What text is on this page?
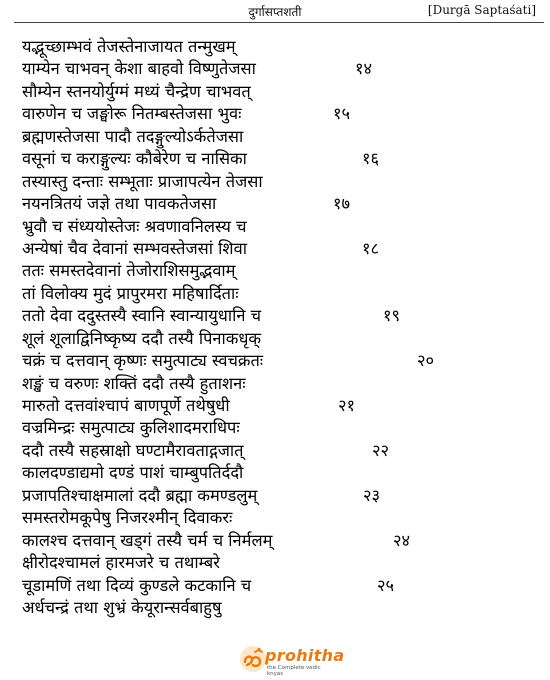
दुर्गासप्तशती	[Durgā Saptaśati]
यद्भूच्छाम्भवं तेजस्तेनाजायत तन्मुखम्
याम्येन चाभवन् केशा बाहवो विष्णुतेजसा	१४
सौम्येन स्तनयोर्युग्मं मध्यं चैन्द्रेण चाभवत्
वारुणेन च जङ्घोरू नितम्बस्तेजसा भुवः	१५
ब्रह्मणस्तेजसा पादौ तदङ्गुल्योऽर्कतेजसा
वसूनां च कराङ्गुल्यः कौबेरेण च नासिका	१६
तस्यास्तु दन्ताः सम्भूताः प्राजापत्येन तेजसा
नयनत्रितयं जज्ञे तथा पावकतेजसा	१७
भ्रुवौ च संध्ययोस्तेजः श्रवणावनिलस्य च
अन्येषां चैव देवानां सम्भवस्तेजसां शिवा	१८
ततः समस्तदेवानां तेजोराशिसमुद्भवाम्
तां विलोक्य मुदं प्रापुरमरा महिषार्दिताः
ततो देवा ददुस्तस्यै स्वानि स्वान्यायुधानि च	१९
शूलं शूलाद्विनिष्कृष्य ददौ तस्यै पिनाकधृक्
चक्रं च दत्तवान् कृष्णः समुत्पाट्य स्वचक्रतः	२०
शङ्खं च वरुणः शक्तिं ददौ तस्यै हुताशनः
मारुतो दत्तवांश्चापं बाणपूर्णे तथेषुधी	२१
वज्रमिन्द्रः समुत्पाट्य कुलिशादमराधिपः
ददौ तस्यै सहस्राक्षो घण्टामैरावताद्गजात्	२२
कालदण्डाद्यमो दण्डं पाशं चाम्बुपतिर्ददौ
प्रजापतिश्चाक्षमालां ददौ ब्रह्मा कमण्डलुम्	२३
समस्तरोमकूपेषु निजरश्मीन् दिवाकरः
कालश्च दत्तवान् खड्गं तस्यै चर्म च निर्मलम्	२४
क्षीरोदश्चामलं हारमजरे च तथाम्बरे
चूडामणिं तथा दिव्यं कुण्डले कटकानि च	२५
अर्धचन्द्रं तथा शुभ्रं केयूरान्सर्वबाहुषु
prohitha
the Complete vedic knyas
